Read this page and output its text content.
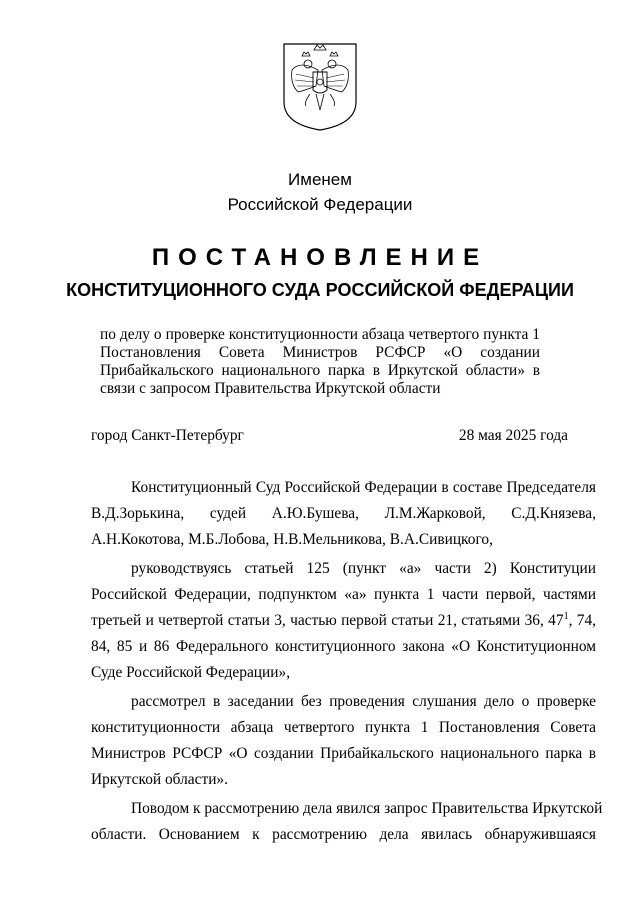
Именем
Российской Федерации
ПОСТАНОВЛЕНИЕ
КОНСТИТУЦИОННОГО СУДА РОССИЙСКОЙ ФЕДЕРАЦИИ
по делу о проверке конституционности абзаца четвертого пункта 1
Постановления Совета Министров РСФСР «О создании
Прибайкальского национального парка в Иркутской области» в
связи с запросом Правительства Иркутской области
город Санкт-Петербург	28 мая 2025 года
Конституционный Суд Российской Федерации в составе Председателя
В.Д.Зорькина, судей А.Ю.Бушева, Л.М.Жарковой, С.Д.Князева,
А.Н.Кокотова, М.Б.Лобова, Н.В.Мельникова, В.А.Сивицкого,
руководствуясь статьей 125 (пункт «а» части 2) Конституции
Российской Федерации, подпунктом «а» пункта 1 части первой, частями
третьей и четвертой статьи 3, частью первой статьи 21, статьями 36, $47^1$, 74,
84, 85 и 86 Федерального конституционного закона «О Конституционном
Суде Российской Федерации»,
рассмотрел в заседании без проведения слушания дело о проверке
конституционности абзаца четвертого пункта 1 Постановления Совета
Министров РСФСР «О создании Прибайкальского национального парка в
Иркутской области».
Поводом к рассмотрению дела явился запрос Правительства Иркутской
области. Основанием к рассмотрению дела явилась обнаружившаяся
